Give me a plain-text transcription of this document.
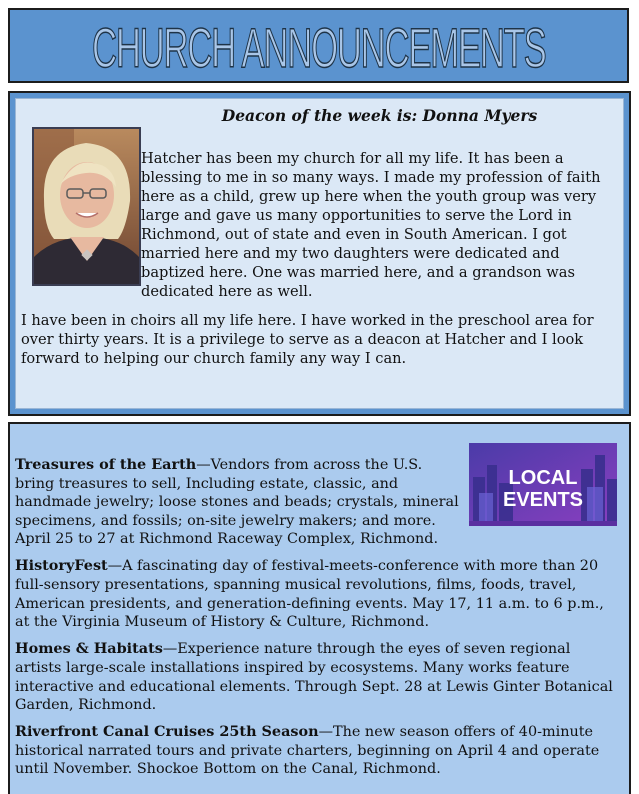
CHURCH ANNOUNCEMENTS
Deacon of the week is: Donna Myers

Hatcher has been my church for all my life. It has been a blessing to me in so many ways. I made my profession of faith here as a child, grew up here when the youth group was very large and gave us many opportunities to serve the Lord in Richmond, out of state and even in South American. I got married here and my two daughters were dedicated and baptized here. One was married here, and a grandson was dedicated here as well.

I have been in choirs all my life here. I have worked in the preschool area for over thirty years. It is a privilege to serve as a deacon at Hatcher and I look forward to helping our church family any way I can.

LOCAL
EVENTS

Treasures of the Earth—Vendors from across the U.S. bring treasures to sell, Including estate, classic, and handmade jewelry; loose stones and beads; crystals, mineral specimens, and fossils; on-site jewelry makers; and more. April 25 to 27 at Richmond Raceway Complex, Richmond.

HistoryFest—A fascinating day of festival-meets-conference with more than 20 full-sensory presentations, spanning musical revolutions, films, foods, travel, American presidents, and generation-defining events. May 17, 11 a.m. to 6 p.m., at the Virginia Museum of History & Culture, Richmond.

Homes & Habitats—Experience nature through the eyes of seven regional artists large-scale installations inspired by ecosystems. Many works feature interactive and educational elements. Through Sept. 28 at Lewis Ginter Botanical Garden, Richmond.

Riverfront Canal Cruises 25th Season—The new season offers of 40-minute historical narrated tours and private charters, beginning on April 4 and operate until November. Shockoe Bottom on the Canal, Richmond.
